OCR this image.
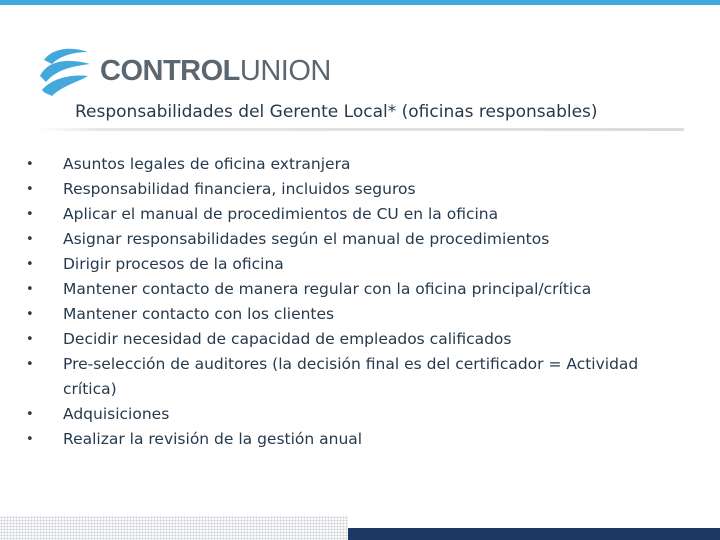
CONTROLUNION
Responsabilidades del Gerente Local* (oficinas responsables)
• Asuntos legales de oficina extranjera
• Responsabilidad financiera, incluidos seguros
• Aplicar el manual de procedimientos de CU en la oficina
• Asignar responsabilidades según el manual de procedimientos
• Dirigir procesos de la oficina
• Mantener contacto de manera regular con la oficina principal/crítica
• Mantener contacto con los clientes
• Decidir necesidad de capacidad de empleados calificados
• Pre-selección de auditores (la decisión final es del certificador = Actividad crítica)
• Adquisiciones
• Realizar la revisión de la gestión anual
